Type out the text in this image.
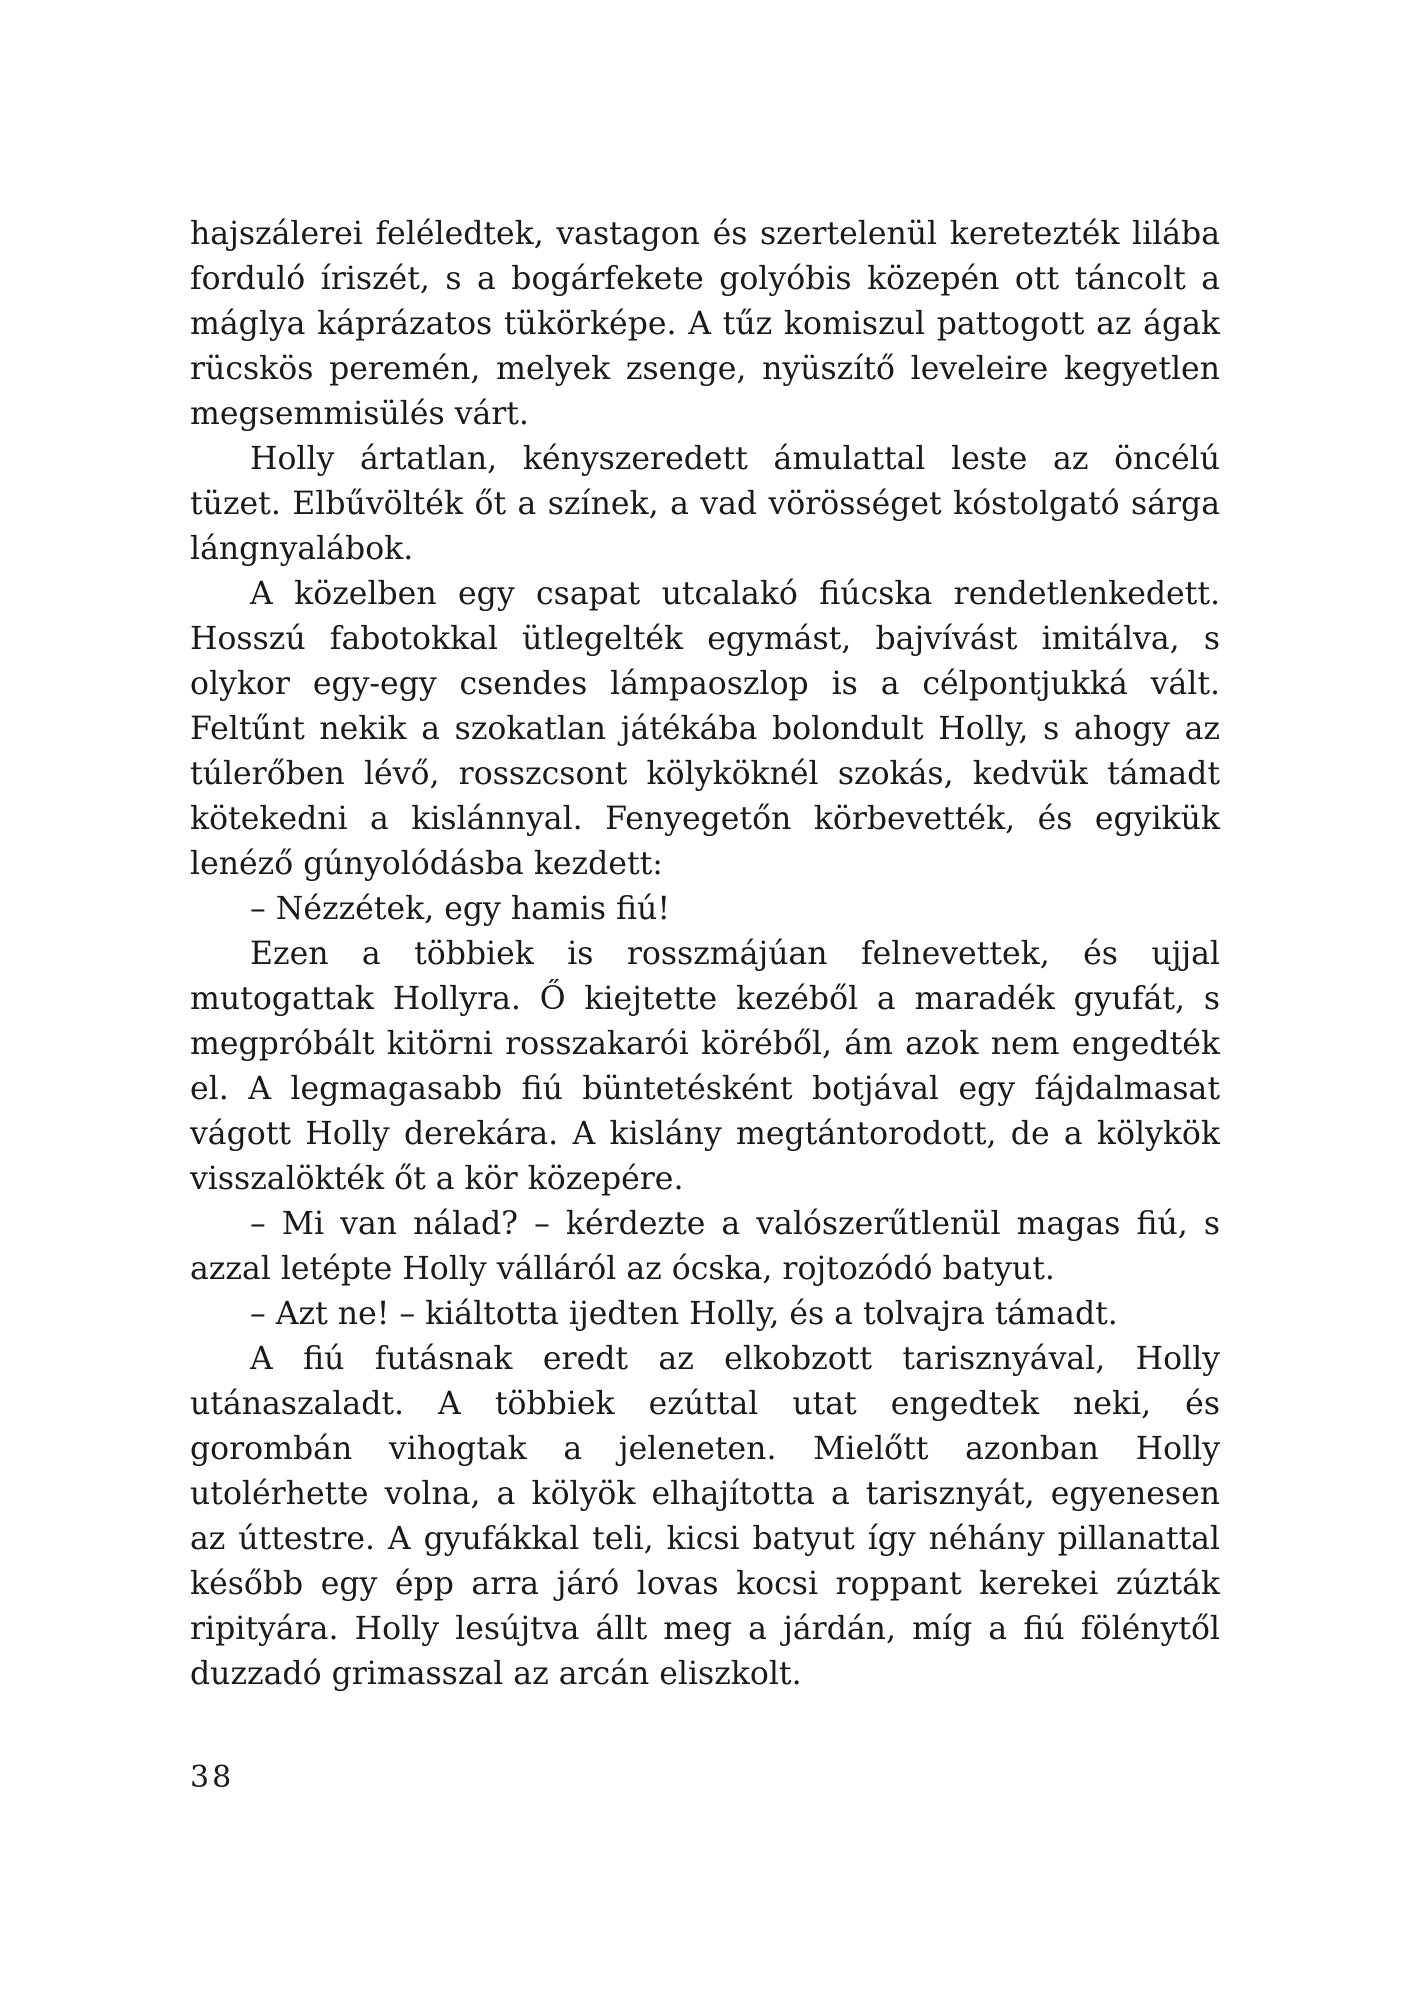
hajszálerei feléledtek, vastagon és szertelenül keretezték lilába forduló íriszét, s a bogárfekete golyóbis közepén ott táncolt a máglya káprázatos tükörképe. A tűz komiszul pattogott az ágak rücskös peremén, melyek zsenge, nyüszítő leveleire kegyetlen megsemmisülés várt.

Holly ártatlan, kényszeredett ámulattal leste az öncélú tüzet. Elbűvölték őt a színek, a vad vörösséget kóstolgató sárga lángnyalábok.

A közelben egy csapat utcalakó fiúcska rendetlenkedett. Hosszú fabotokkal ütlegelték egymást, bajvívást imitálva, s olykor egy-egy csendes lámpaoszlop is a célpontjukká vált. Feltűnt nekik a szokatlan játékába bolondult Holly, s ahogy az túlerőben lévő, rosszcsont kölyköknél szokás, kedvük támadt kötekedni a kislánnyal. Fenyegetőn körbevették, és egyikük lenéző gúnyolódásba kezdett:

– Nézzétek, egy hamis fiú!

Ezen a többiek is rosszmájúan felnevettek, és ujjal mutogattak Hollyra. Ő kiejtette kezéből a maradék gyufát, s megpróbált kitörni rosszakarói köréből, ám azok nem engedték el. A legmagasabb fiú büntetésként botjával egy fájdalmasat vágott Holly derekára. A kislány megtántorodott, de a kölykök visszalökték őt a kör közepére.

– Mi van nálad? – kérdezte a valószerűtlenül magas fiú, s azzal letépte Holly válláról az ócska, rojtozódó batyut.

– Azt ne! – kiáltotta ijedten Holly, és a tolvajra támadt.

A fiú futásnak eredt az elkobzott tarisznyával, Holly utánaszaladt. A többiek ezúttal utat engedtek neki, és gorombán vihogtak a jeleneten. Mielőtt azonban Holly utolérhette volna, a kölyök elhajította a tarisznyát, egyenesen az úttestre. A gyufákkal teli, kicsi batyut így néhány pillanattal később egy épp arra járó lovas kocsi roppant kerekei zúzták ripityára. Holly lesújtva állt meg a járdán, míg a fiú fölénytől duzzadó grimasszal az arcán eliszkolt.

38
